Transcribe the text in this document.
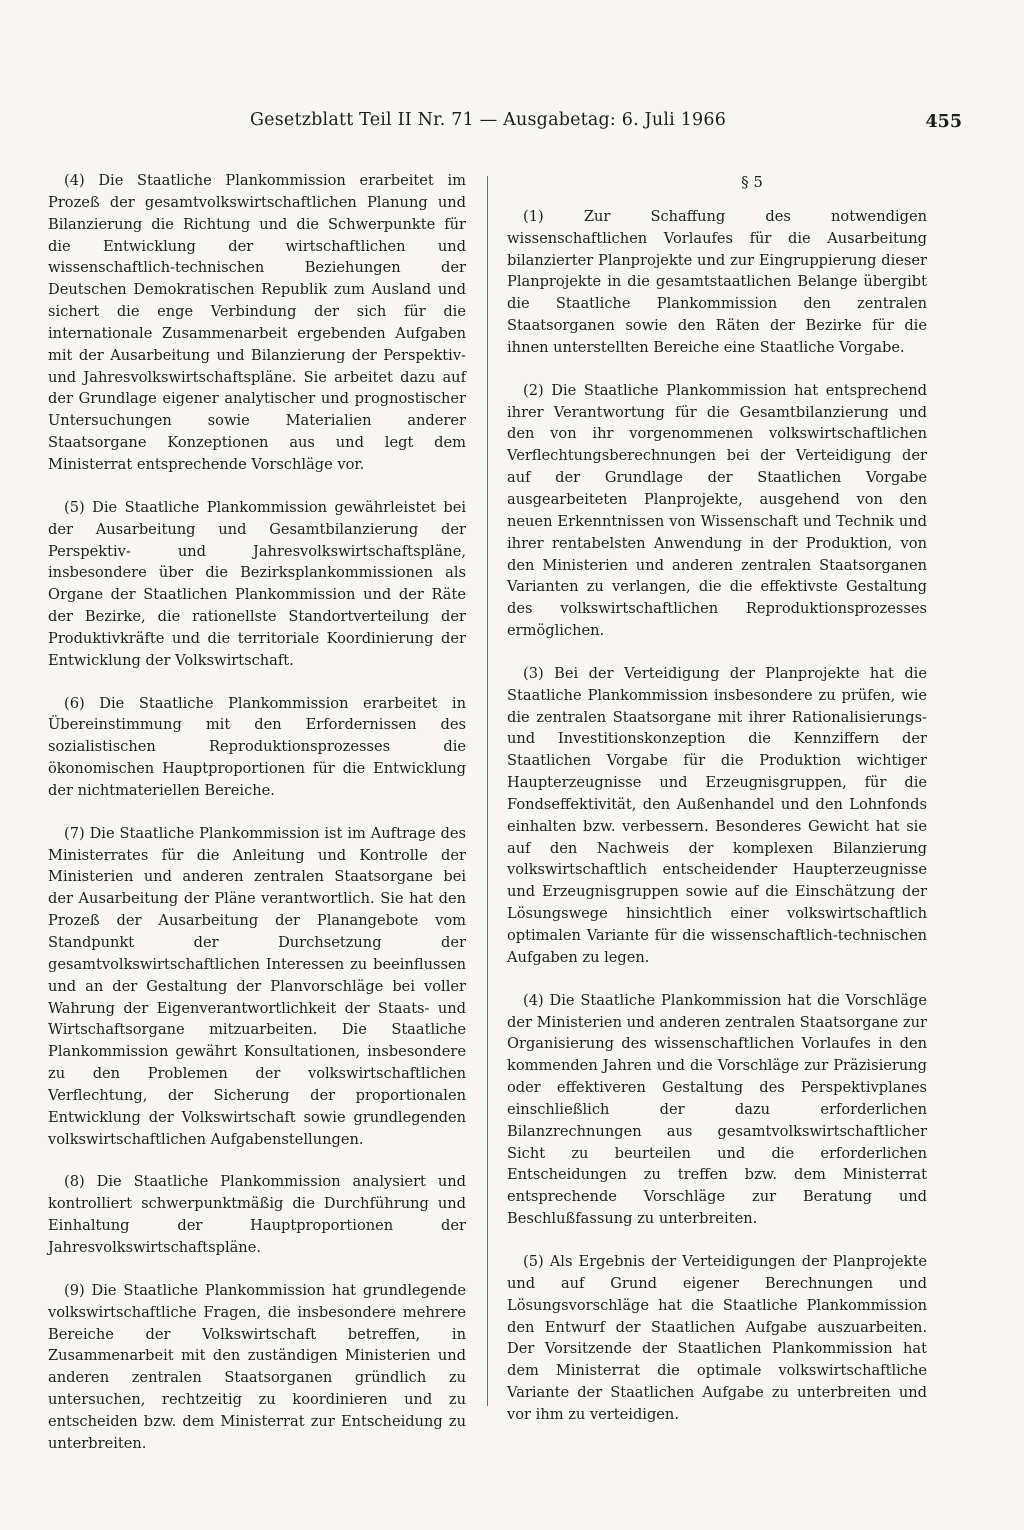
Gesetzblatt Teil II Nr. 71 — Ausgabetag: 6. Juli 1966	455

(4) Die Staatliche Plankommission erarbeitet im Prozeß der gesamtvolkswirtschaftlichen Planung und Bilanzierung die Richtung und die Schwerpunkte für die Entwicklung der wirtschaftlichen und wissenschaftlich-technischen Beziehungen der Deutschen Demokratischen Republik zum Ausland und sichert die enge Verbindung der sich für die internationale Zusammenarbeit ergebenden Aufgaben mit der Ausarbeitung und Bilanzierung der Perspektiv- und Jahresvolkswirtschaftspläne. Sie arbeitet dazu auf der Grundlage eigener analytischer und prognostischer Untersuchungen sowie Materialien anderer Staatsorgane Konzeptionen aus und legt dem Ministerrat entsprechende Vorschläge vor.

(5) Die Staatliche Plankommission gewährleistet bei der Ausarbeitung und Gesamtbilanzierung der Perspektiv- und Jahresvolkswirtschaftspläne, insbesondere über die Bezirksplankommissionen als Organe der Staatlichen Plankommission und der Räte der Bezirke, die rationellste Standortverteilung der Produktivkräfte und die territoriale Koordinierung der Entwicklung der Volkswirtschaft.

(6) Die Staatliche Plankommission erarbeitet in Übereinstimmung mit den Erfordernissen des sozialistischen Reproduktionsprozesses die ökonomischen Hauptproportionen für die Entwicklung der nichtmateriellen Bereiche.

(7) Die Staatliche Plankommission ist im Auftrage des Ministerrates für die Anleitung und Kontrolle der Ministerien und anderen zentralen Staatsorgane bei der Ausarbeitung der Pläne verantwortlich. Sie hat den Prozeß der Ausarbeitung der Planangebote vom Standpunkt der Durchsetzung der gesamtvolkswirtschaftlichen Interessen zu beeinflussen und an der Gestaltung der Planvorschläge bei voller Wahrung der Eigenverantwortlichkeit der Staats- und Wirtschaftsorgane mitzuarbeiten. Die Staatliche Plankommission gewährt Konsultationen, insbesondere zu den Problemen der volkswirtschaftlichen Verflechtung, der Sicherung der proportionalen Entwicklung der Volkswirtschaft sowie grundlegenden volkswirtschaftlichen Aufgabenstellungen.

(8) Die Staatliche Plankommission analysiert und kontrolliert schwerpunktmäßig die Durchführung und Einhaltung der Hauptproportionen der Jahresvolkswirtschaftspläne.

(9) Die Staatliche Plankommission hat grundlegende volkswirtschaftliche Fragen, die insbesondere mehrere Bereiche der Volkswirtschaft betreffen, in Zusammenarbeit mit den zuständigen Ministerien und anderen zentralen Staatsorganen gründlich zu untersuchen, rechtzeitig zu koordinieren und zu entscheiden bzw. dem Ministerrat zur Entscheidung zu unterbreiten.

§ 5

(1) Zur Schaffung des notwendigen wissenschaftlichen Vorlaufes für die Ausarbeitung bilanzierter Planprojekte und zur Eingruppierung dieser Planprojekte in die gesamtstaatlichen Belange übergibt die Staatliche Plankommission den zentralen Staatsorganen sowie den Räten der Bezirke für die ihnen unterstellten Bereiche eine Staatliche Vorgabe.

(2) Die Staatliche Plankommission hat entsprechend ihrer Verantwortung für die Gesamtbilanzierung und den von ihr vorgenommenen volkswirtschaftlichen Verflechtungsberechnungen bei der Verteidigung der auf der Grundlage der Staatlichen Vorgabe ausgearbeiteten Planprojekte, ausgehend von den neuen Erkenntnissen von Wissenschaft und Technik und ihrer rentabelsten Anwendung in der Produktion, von den Ministerien und anderen zentralen Staatsorganen Varianten zu verlangen, die die effektivste Gestaltung des volkswirtschaftlichen Reproduktionsprozesses ermöglichen.

(3) Bei der Verteidigung der Planprojekte hat die Staatliche Plankommission insbesondere zu prüfen, wie die zentralen Staatsorgane mit ihrer Rationalisierungs- und Investitionskonzeption die Kennziffern der Staatlichen Vorgabe für die Produktion wichtiger Haupterzeugnisse und Erzeugnisgruppen, für die Fondseffektivität, den Außenhandel und den Lohnfonds einhalten bzw. verbessern. Besonderes Gewicht hat sie auf den Nachweis der komplexen Bilanzierung volkswirtschaftlich entscheidender Haupterzeugnisse und Erzeugnisgruppen sowie auf die Einschätzung der Lösungswege hinsichtlich einer volkswirtschaftlich optimalen Variante für die wissenschaftlich-technischen Aufgaben zu legen.

(4) Die Staatliche Plankommission hat die Vorschläge der Ministerien und anderen zentralen Staatsorgane zur Organisierung des wissenschaftlichen Vorlaufes in den kommenden Jahren und die Vorschläge zur Präzisierung oder effektiveren Gestaltung des Perspektivplanes einschließlich der dazu erforderlichen Bilanzrechnungen aus gesamtvolkswirtschaftlicher Sicht zu beurteilen und die erforderlichen Entscheidungen zu treffen bzw. dem Ministerrat entsprechende Vorschläge zur Beratung und Beschlußfassung zu unterbreiten.

(5) Als Ergebnis der Verteidigungen der Planprojekte und auf Grund eigener Berechnungen und Lösungsvorschläge hat die Staatliche Plankommission den Entwurf der Staatlichen Aufgabe auszuarbeiten. Der Vorsitzende der Staatlichen Plankommission hat dem Ministerrat die optimale volkswirtschaftliche Variante der Staatlichen Aufgabe zu unterbreiten und vor ihm zu verteidigen.
